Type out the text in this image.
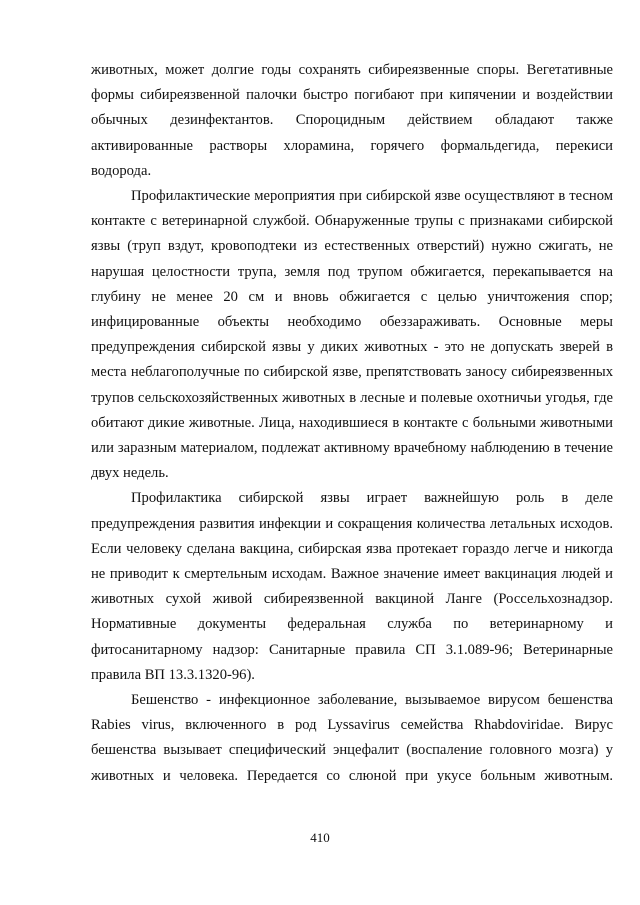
животных, может долгие годы сохранять сибиреязвенные споры. Вегетативные формы сибиреязвенной палочки быстро погибают при кипячении и воздействии обычных дезинфектантов. Спороцидным действием обладают также активированные растворы хлорамина, горячего формальдегида, перекиси водорода.

Профилактические мероприятия при сибирской язве осуществляют в тесном контакте с ветеринарной службой. Обнаруженные трупы с признаками сибирской язвы (труп вздут, кровоподтеки из естественных отверстий) нужно сжигать, не нарушая целостности трупа, земля под трупом обжигается, перекапывается на глубину не менее 20 см и вновь обжигается с целью уничтожения спор; инфицированные объекты необходимо обеззараживать. Основные меры предупреждения сибирской язвы у диких животных - это не допускать зверей в места неблагополучные по сибирской язве, препятствовать заносу сибиреязвенных трупов сельскохозяйственных животных в лесные и полевые охотничьи угодья, где обитают дикие животные. Лица, находившиеся в контакте с больными животными или заразным материалом, подлежат активному врачебному наблюдению в течение двух недель.

Профилактика сибирской язвы играет важнейшую роль в деле предупреждения развития инфекции и сокращения количества летальных исходов. Если человеку сделана вакцина, сибирская язва протекает гораздо легче и никогда не приводит к смертельным исходам. Важное значение имеет вакцинация людей и животных сухой живой сибиреязвенной вакциной Ланге (Россельхознадзор. Нормативные документы федеральная служба по ветеринарному и фитосанитарному надзор: Санитарные правила СП 3.1.089-96; Ветеринарные правила ВП 13.3.1320-96).

Бешенство - инфекционное заболевание, вызываемое вирусом бешенства Rabies virus, включенного в род Lyssavirus семейства Rhabdoviridae. Вирус бешенства вызывает специфический энцефалит (воспаление головного мозга) у животных и человека. Передается со слюной при укусе больным животным.

410
